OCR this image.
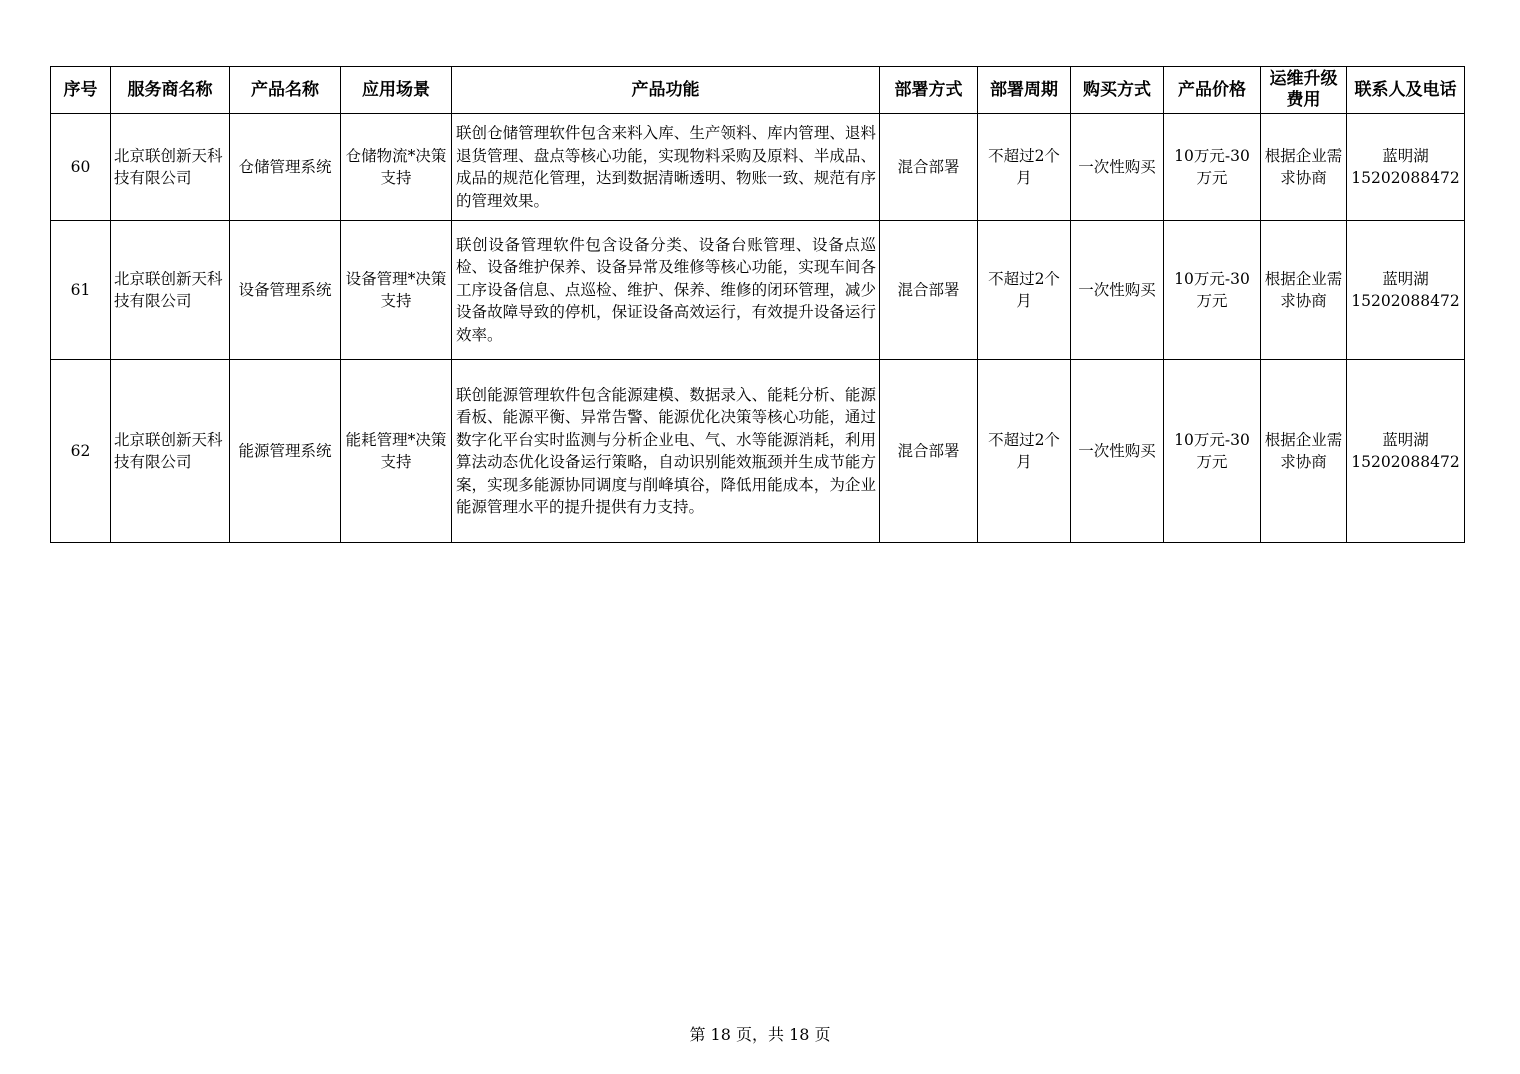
序号	服务商名称	产品名称	应用场景	产品功能	部署方式	部署周期	购买方式	产品价格	运维升级费用	联系人及电话
60	北京联创新天科技有限公司	仓储管理系统	仓储物流*决策支持	联创仓储管理软件包含来料入库、生产领料、库内管理、退料退货管理、盘点等核心功能，实现物料采购及原料、半成品、成品的规范化管理，达到数据清晰透明、物账一致、规范有序的管理效果。	混合部署	不超过2个月	一次性购买	10万元-30万元	根据企业需求协商	蓝明湖
15202088472

61	北京联创新天科技有限公司	设备管理系统	设备管理*决策支持	联创设备管理软件包含设备分类、设备台账管理、设备点巡检、设备维护保养、设备异常及维修等核心功能，实现车间各工序设备信息、点巡检、维护、保养、维修的闭环管理，减少设备故障导致的停机，保证设备高效运行，有效提升设备运行效率。	混合部署	不超过2个月	一次性购买	10万元-30万元	根据企业需求协商	蓝明湖
15202088472

62	北京联创新天科技有限公司	能源管理系统	能耗管理*决策支持	联创能源管理软件包含能源建模、数据录入、能耗分析、能源看板、能源平衡、异常告警、能源优化决策等核心功能，通过数字化平台实时监测与分析企业电、气、水等能源消耗，利用算法动态优化设备运行策略，自动识别能效瓶颈并生成节能方案，实现多能源协同调度与削峰填谷，降低用能成本，为企业能源管理水平的提升提供有力支持。	混合部署	不超过2个月	一次性购买	10万元-30万元	根据企业需求协商	蓝明湖
15202088472
第 18 页，共 18 页
